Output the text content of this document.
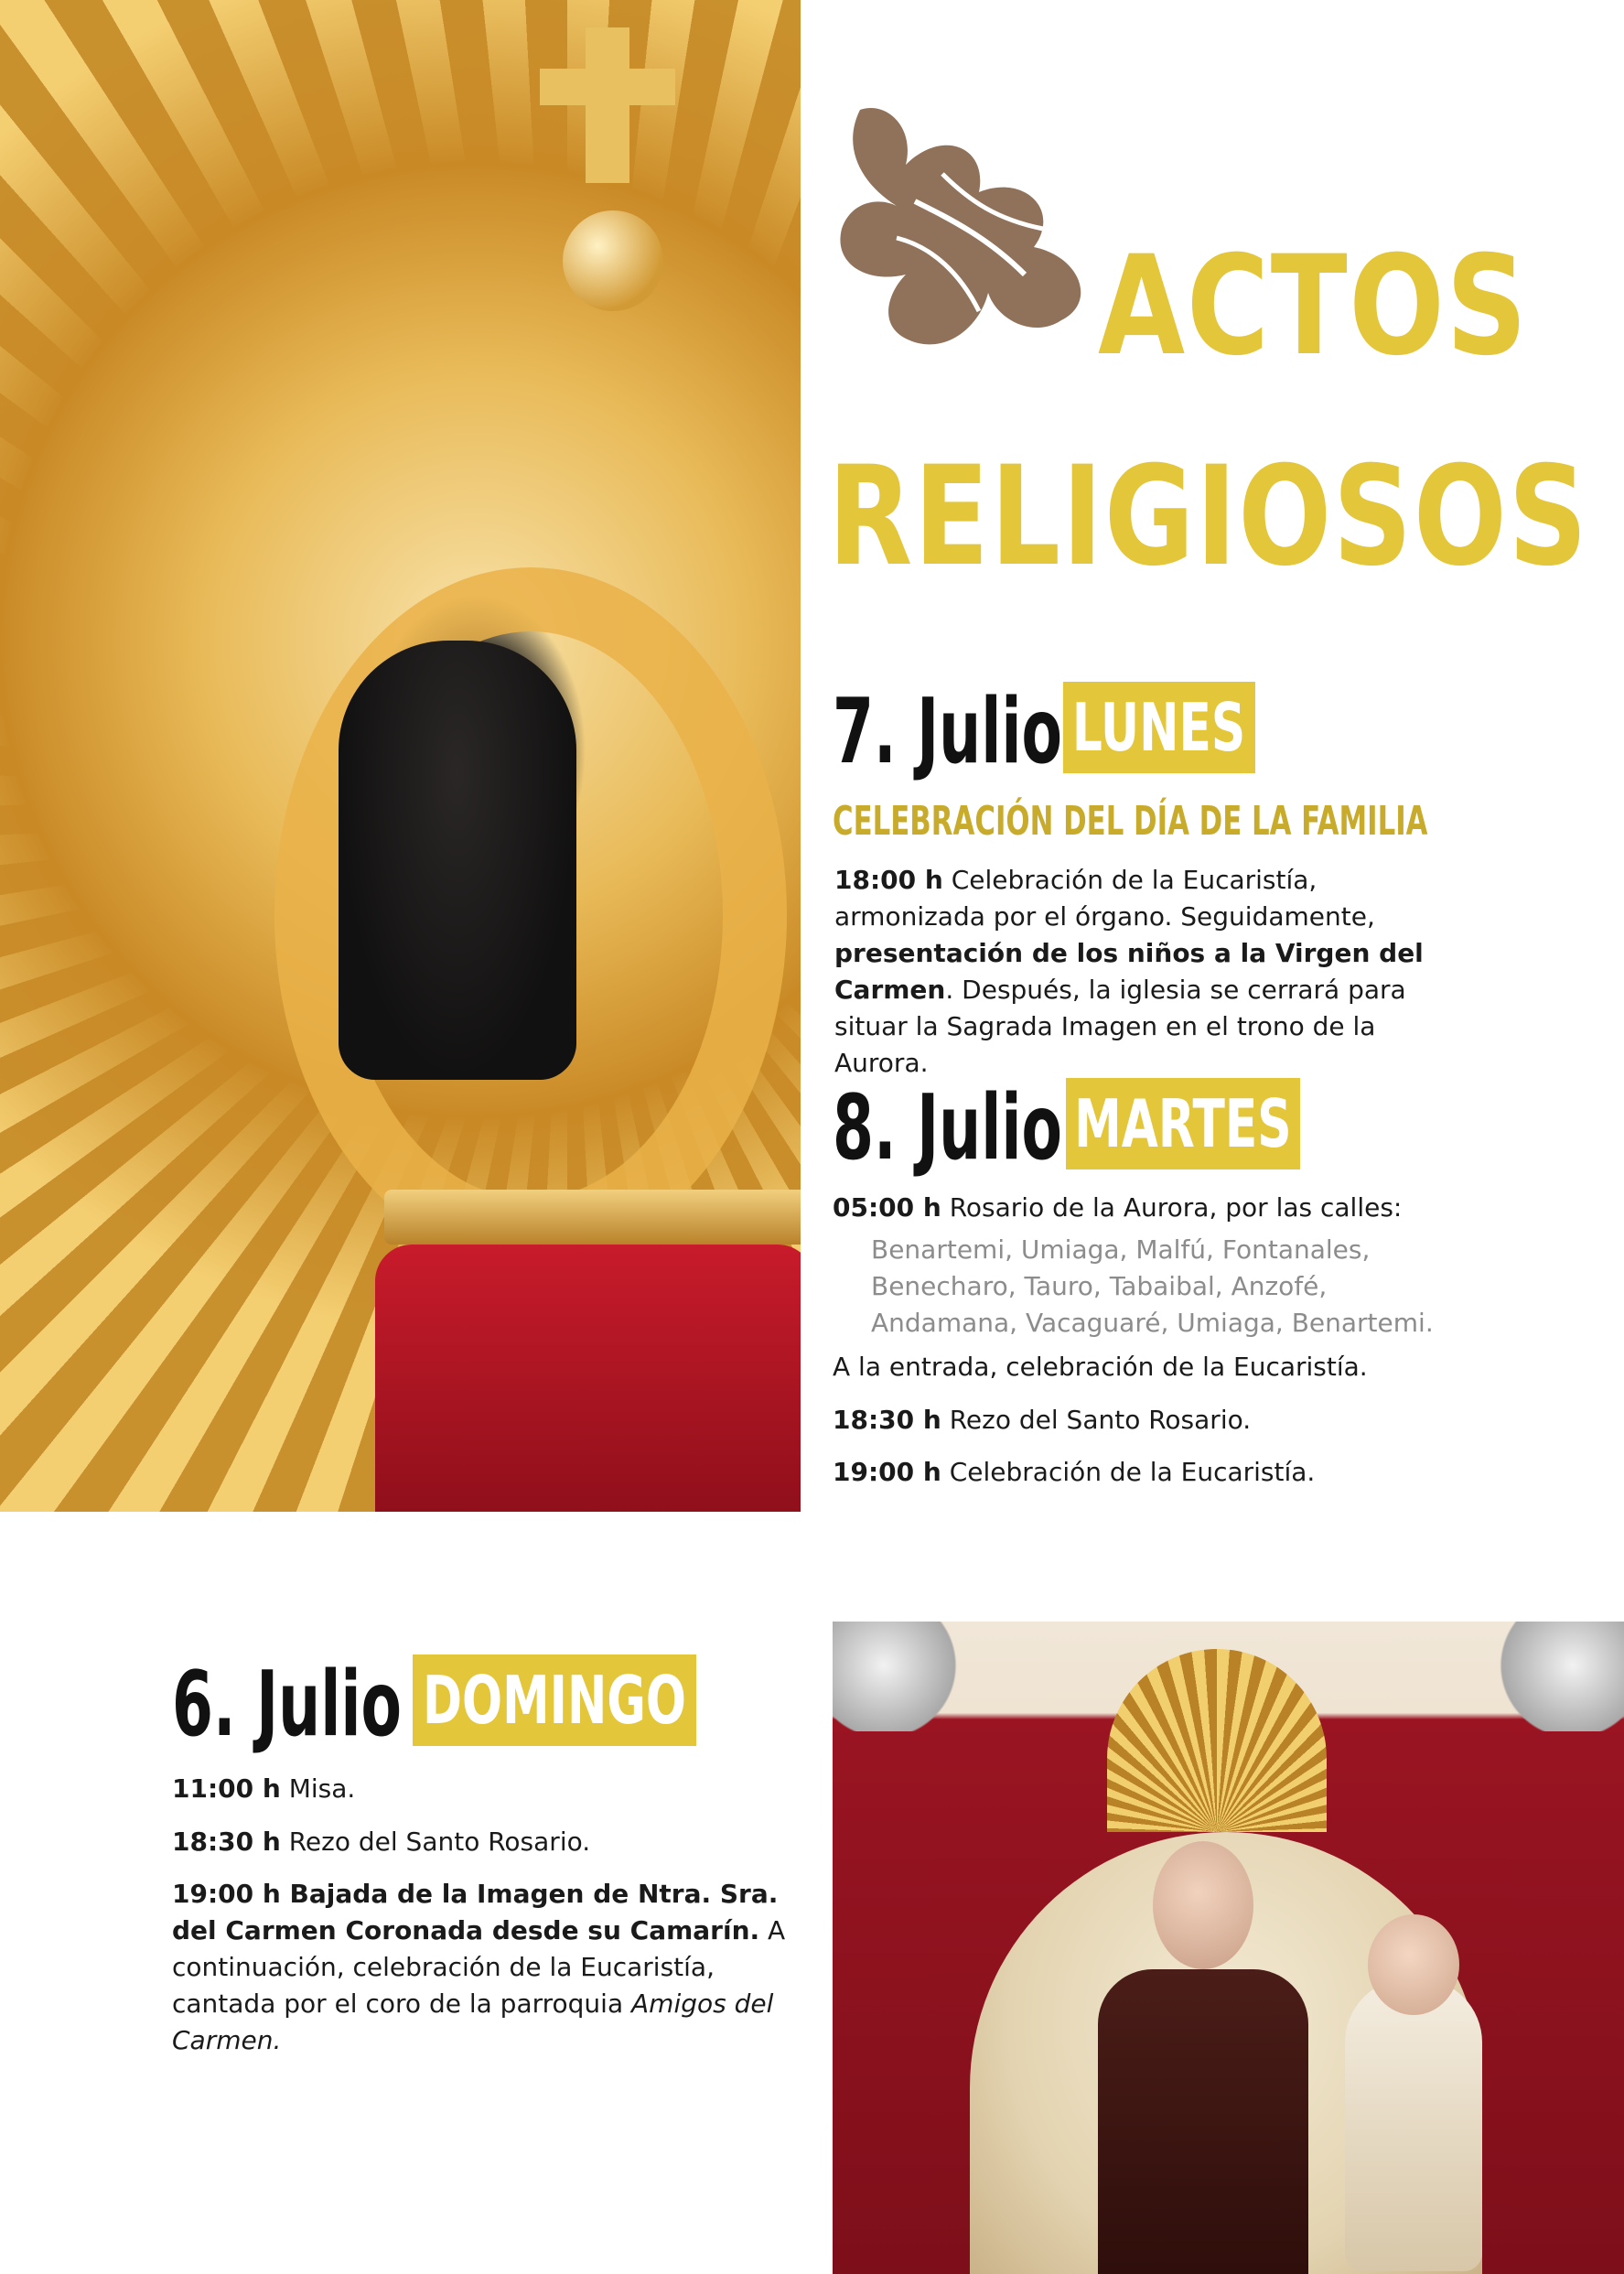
ACTOS
RELIGIOSOS
7. Julio LUNES
CELEBRACIÓN DEL DÍA DE LA FAMILIA
18:00 h Celebración de la Eucaristía, armonizada por el órgano. Seguidamente, presentación de los niños a la Virgen del Carmen. Después, la iglesia se cerrará para situar la Sagrada Imagen en el trono de la Aurora.
8. Julio MARTES
05:00 h Rosario de la Aurora, por las calles:
Benartemi, Umiaga, Malfú, Fontanales, Benecharo, Tauro, Tabaibal, Anzofé, Andamana, Vacaguaré, Umiaga, Benartemi.
A la entrada, celebración de la Eucaristía.
18:30 h Rezo del Santo Rosario.
19:00 h Celebración de la Eucaristía.
6. Julio DOMINGO
11:00 h Misa.
18:30 h Rezo del Santo Rosario.
19:00 h Bajada de la Imagen de Ntra. Sra. del Carmen Coronada desde su Camarín. A continuación, celebración de la Eucaristía, cantada por el coro de la parroquia Amigos del Carmen.
